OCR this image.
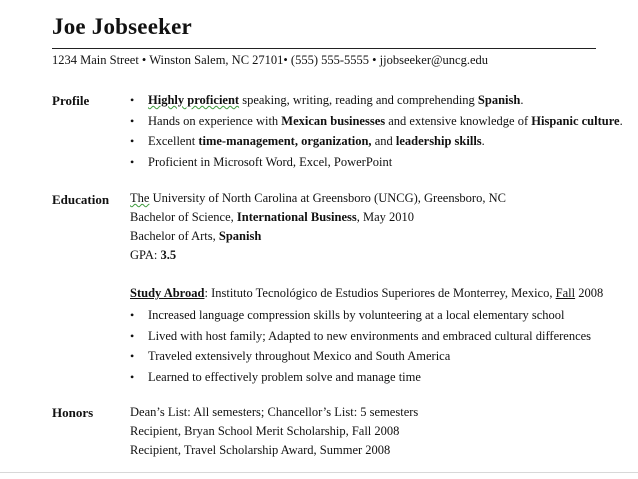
Joe Jobseeker
1234 Main Street • Winston Salem, NC 27101• (555) 555-5555 • jjobseeker@uncg.edu
Profile	• Highly proficient speaking, writing, reading and comprehending Spanish.
• Hands on experience with Mexican businesses and extensive knowledge of Hispanic culture.
• Excellent time-management, organization, and leadership skills.
• Proficient in Microsoft Word, Excel, PowerPoint
Education The University of North Carolina at Greensboro (UNCG), Greensboro, NC
Bachelor of Science, International Business, May 2010
Bachelor of Arts, Spanish
GPA: 3.5
Study Abroad: Instituto Tecnológico de Estudios Superiores de Monterrey, Mexico, Fall 2008
• Increased language compression skills by volunteering at a local elementary school
• Lived with host family; Adapted to new environments and embraced cultural differences
• Traveled extensively throughout Mexico and South America
• Learned to effectively problem solve and manage time
Honors	Dean’s List: All semesters; Chancellor’s List: 5 semesters
Recipient, Bryan School Merit Scholarship, Fall 2008
Recipient, Travel Scholarship Award, Summer 2008
